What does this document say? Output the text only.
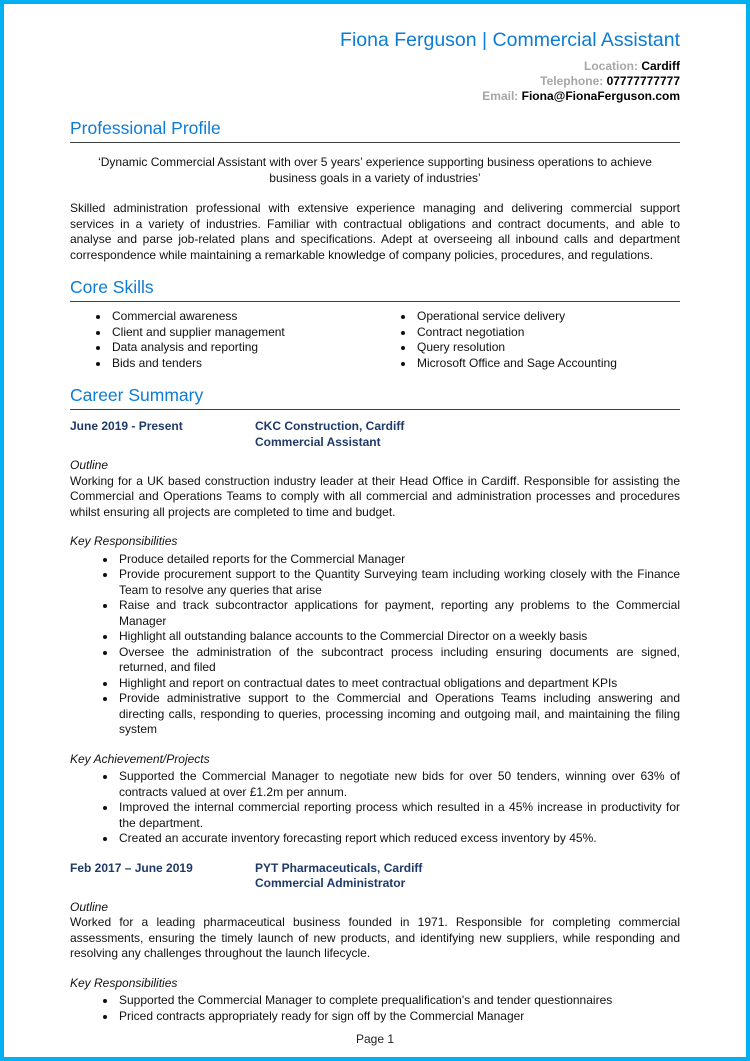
Fiona Ferguson | Commercial Assistant
Location: Cardiff
Telephone: 07777777777
Email: Fiona@FionaFerguson.com
Professional Profile
‘Dynamic Commercial Assistant with over 5 years’ experience supporting business operations to achieve business goals in a variety of industries’
Skilled administration professional with extensive experience managing and delivering commercial support services in a variety of industries. Familiar with contractual obligations and contract documents, and able to analyse and parse job-related plans and specifications. Adept at overseeing all inbound calls and department correspondence while maintaining a remarkable knowledge of company policies, procedures, and regulations.
Core Skills
• Commercial awareness
• Client and supplier management
• Data analysis and reporting
• Bids and tenders
• Operational service delivery
• Contract negotiation
• Query resolution
• Microsoft Office and Sage Accounting
Career Summary
June 2019 - Present	CKC Construction, Cardiff
Commercial Assistant
Outline
Working for a UK based construction industry leader at their Head Office in Cardiff. Responsible for assisting the Commercial and Operations Teams to comply with all commercial and administration processes and procedures whilst ensuring all projects are completed to time and budget.
Key Responsibilities
• Produce detailed reports for the Commercial Manager
• Provide procurement support to the Quantity Surveying team including working closely with the Finance Team to resolve any queries that arise
• Raise and track subcontractor applications for payment, reporting any problems to the Commercial Manager
• Highlight all outstanding balance accounts to the Commercial Director on a weekly basis
• Oversee the administration of the subcontract process including ensuring documents are signed, returned, and filed
• Highlight and report on contractual dates to meet contractual obligations and department KPIs
• Provide administrative support to the Commercial and Operations Teams including answering and directing calls, responding to queries, processing incoming and outgoing mail, and maintaining the filing system
Key Achievement/Projects
• Supported the Commercial Manager to negotiate new bids for over 50 tenders, winning over 63% of contracts valued at over £1.2m per annum.
• Improved the internal commercial reporting process which resulted in a 45% increase in productivity for the department.
• Created an accurate inventory forecasting report which reduced excess inventory by 45%.
Feb 2017 – June 2019	PYT Pharmaceuticals, Cardiff
Commercial Administrator
Outline
Worked for a leading pharmaceutical business founded in 1971. Responsible for completing commercial assessments, ensuring the timely launch of new products, and identifying new suppliers, while responding and resolving any challenges throughout the launch lifecycle.
Key Responsibilities
• Supported the Commercial Manager to complete prequalification's and tender questionnaires
• Priced contracts appropriately ready for sign off by the Commercial Manager
Page 1
